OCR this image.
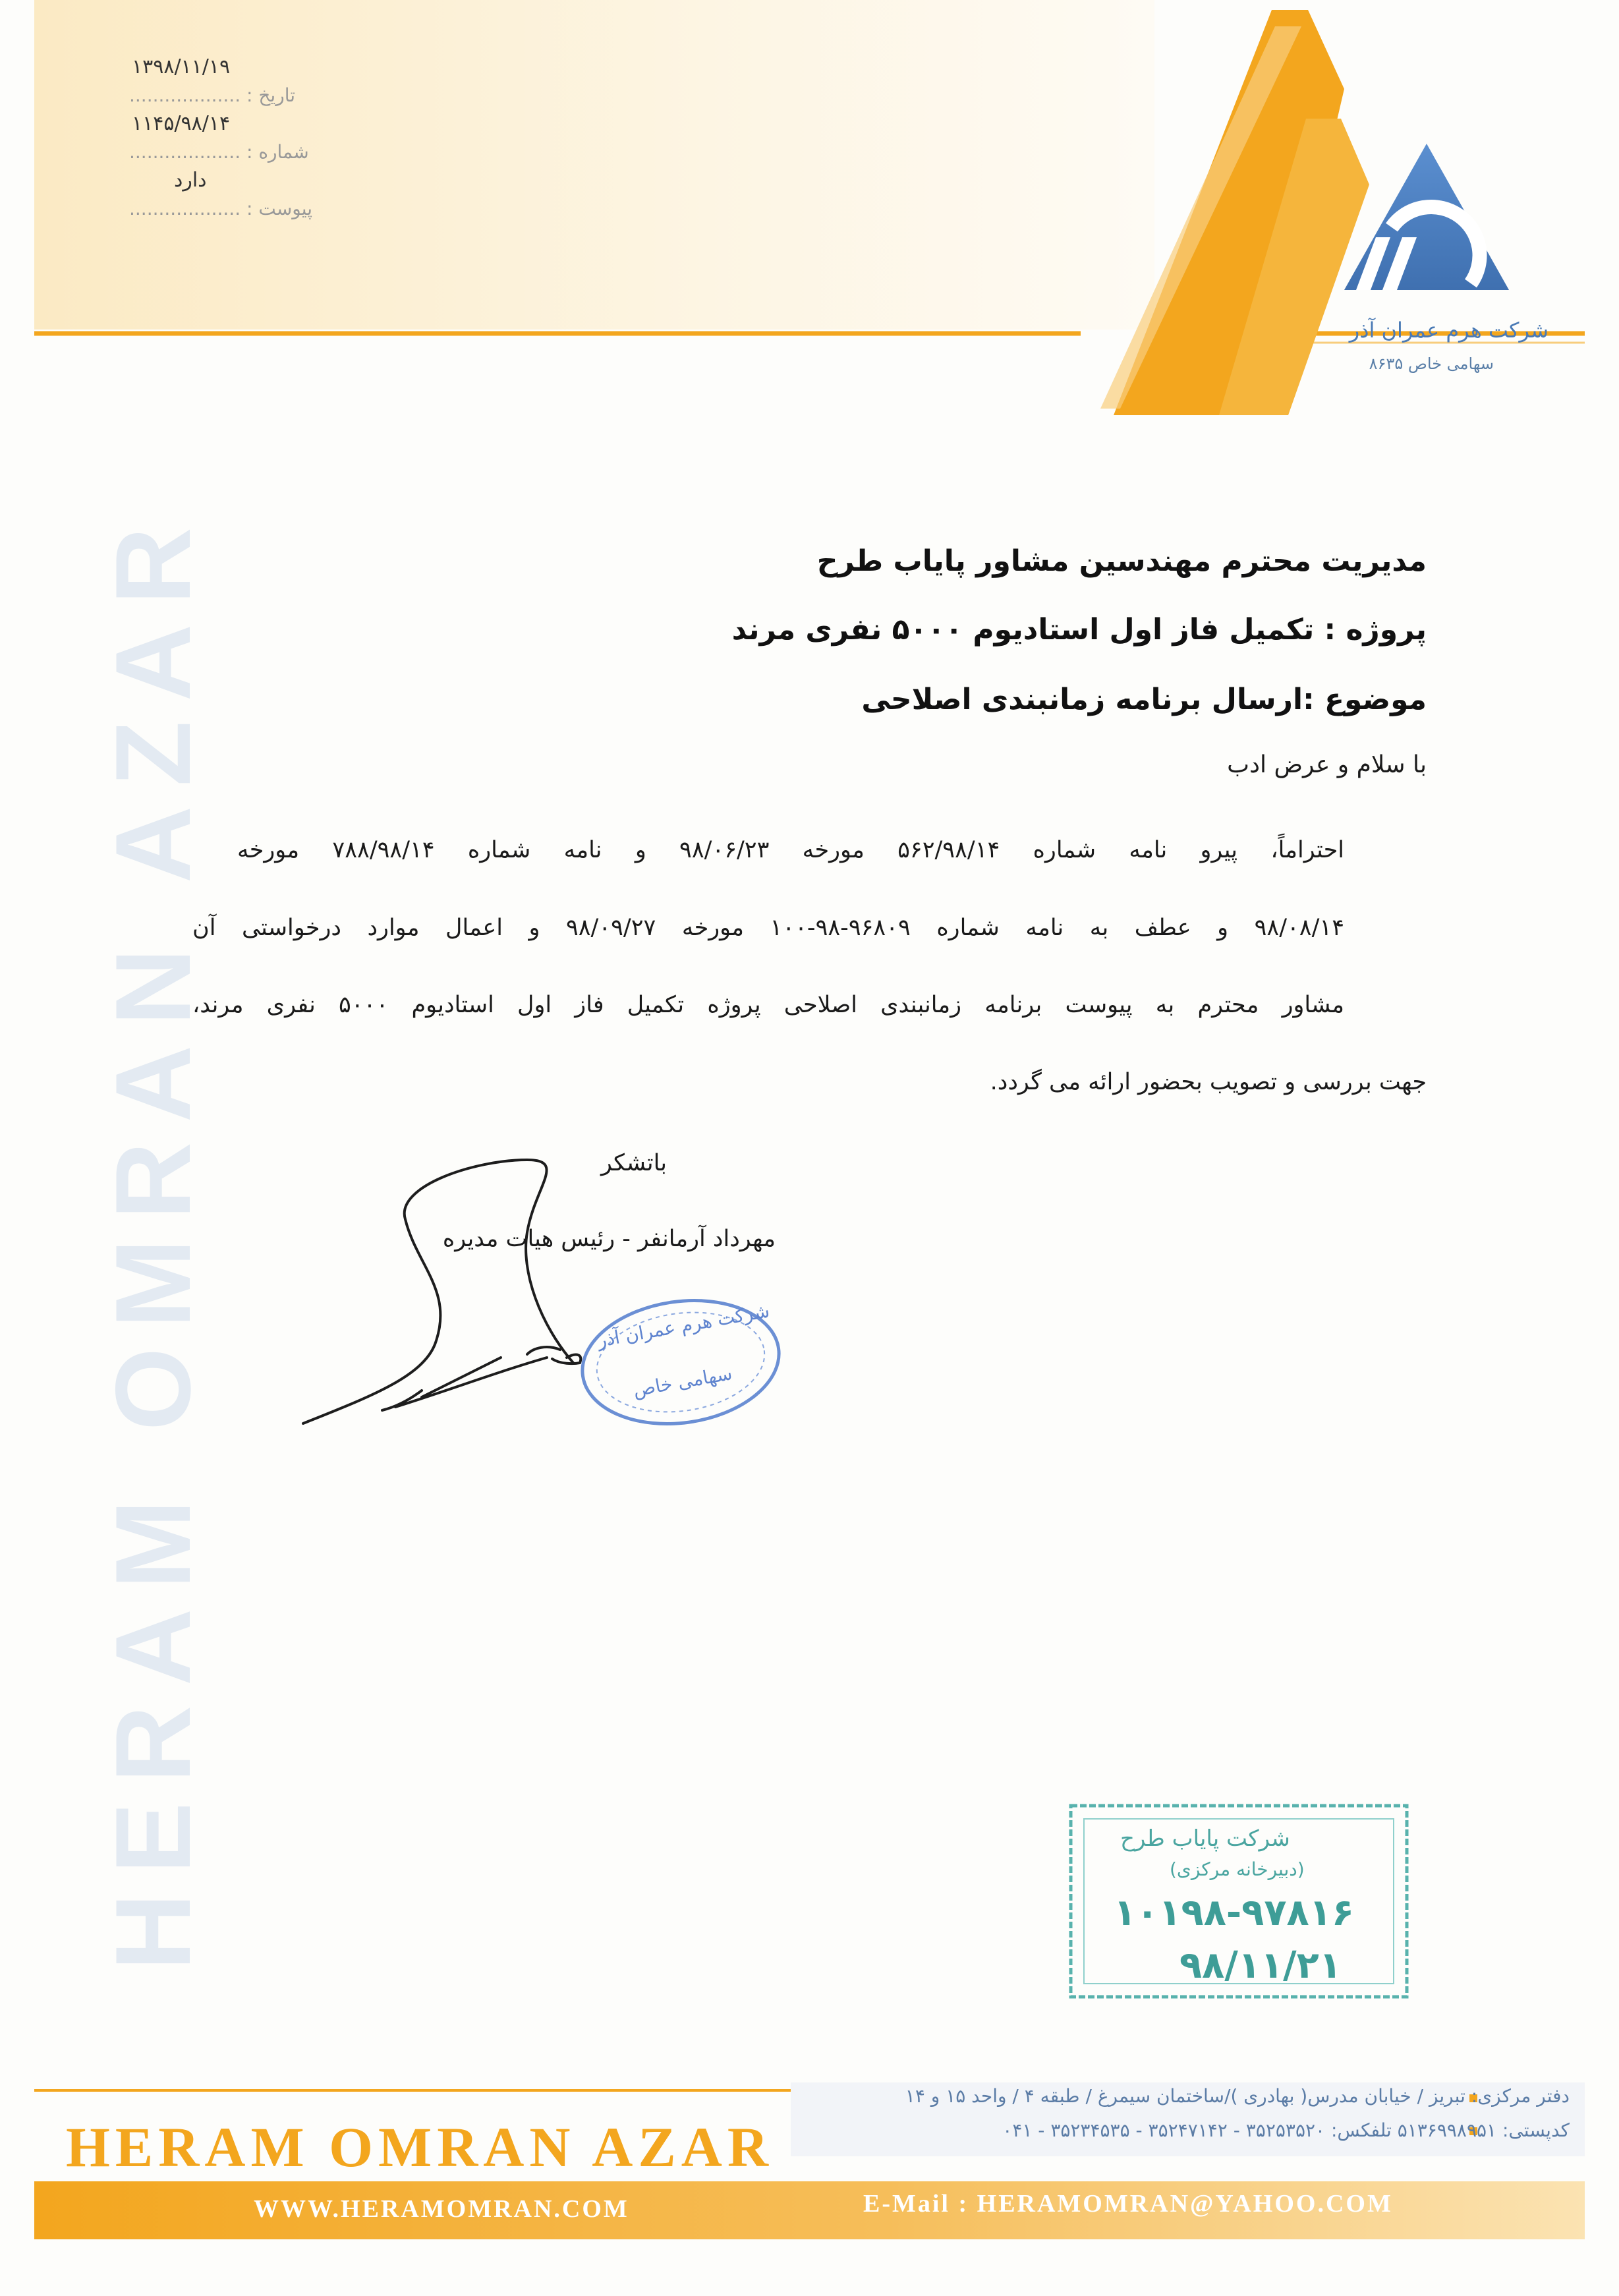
HERAM OMRAN AZAR
۱۳۹۸/۱۱/۱۹
تاریخ : ...................
۱۱۴۵/۹۸/۱۴
شماره : ...................
دارد
پیوست : ...................
شرکت هرم عمران آذر
سهامی خاص ۸۶۳۵
مدیریت محترم مهندسین مشاور پایاب طرح
پروژه : تکمیل فاز اول استادیوم ۵۰۰۰ نفری مرند
موضوع :ارسال برنامه زمانبندی اصلاحی
با سلام و عرض ادب
احتراماً، پیرو نامه شماره ۵۶۲/۹۸/۱۴ مورخه ۹۸/۰۶/۲۳ و نامه شماره ۷۸۸/۹۸/۱۴ مورخه
۹۸/۰۸/۱۴ و عطف به نامه شماره ۹۶۸۰۹-۹۸-۱۰۰ مورخه ۹۸/۰۹/۲۷ و اعمال موارد درخواستی آن
مشاور محترم به پیوست برنامه زمانبندی اصلاحی پروژه تکمیل فاز اول استادیوم ۵۰۰۰ نفری مرند،
جهت بررسی و تصویب بحضور ارائه می گردد.
باتشکر
مهرداد آرمانفر - رئیس هیات مدیره
شرکت هرم عمران آذر
سهامی خاص
شرکت پایاب طرح
(دبیرخانه مرکزی)
۱۰۱۹۸-۹۷۸۱۶
۹۸/۱۱/۲۱
HERAM OMRAN AZAR
دفتر مرکزی: تبریز / خیابان مدرس( بهادری )/ساختمان سیمرغ / طبقه ۴ / واحد ۱۵ و ۱۴
کدپستی: ۵۱۳۶۹۹۸۹۵۱ تلفکس: ۳۵۲۵۳۵۲۰ - ۳۵۲۴۷۱۴۲ - ۳۵۲۳۴۵۳۵ - ۰۴۱
WWW.HERAMOMRAN.COM	E-Mail : HERAMOMRAN@YAHOO.COM
